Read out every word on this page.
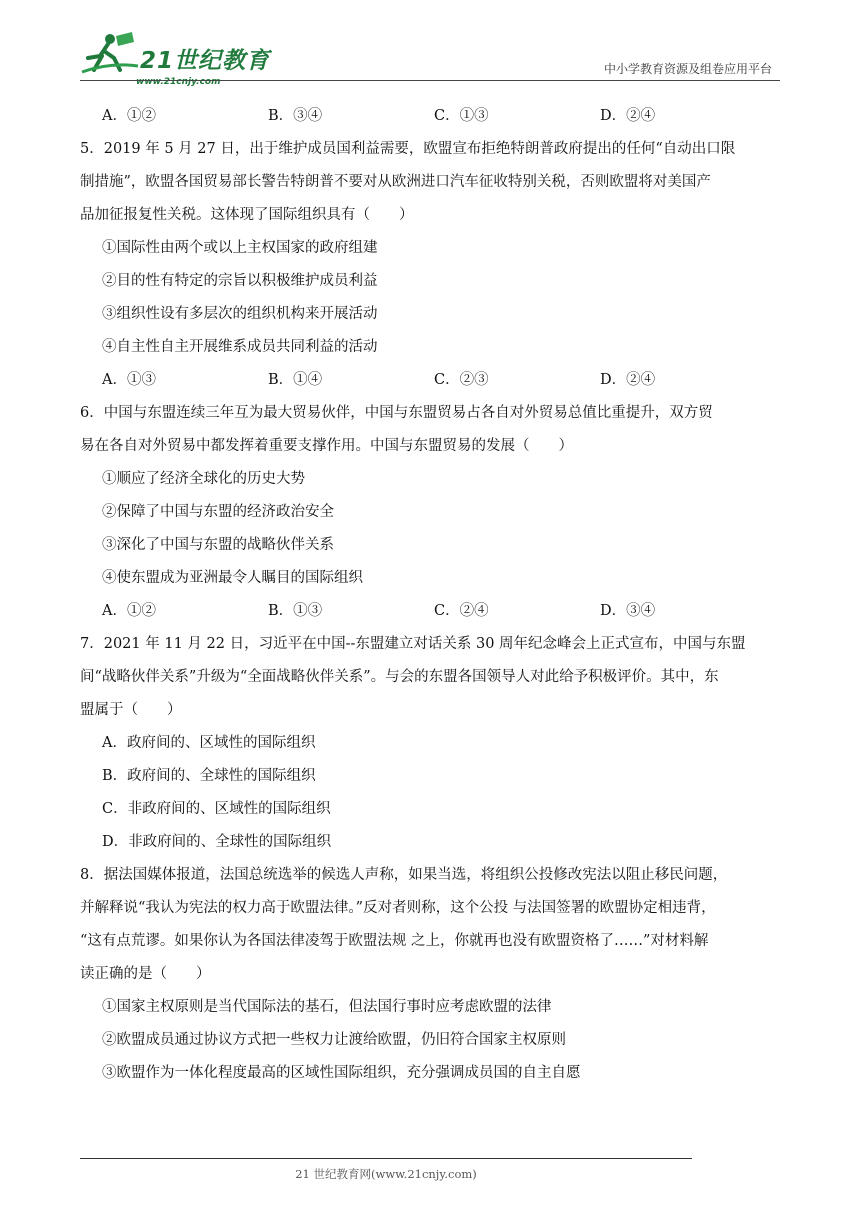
21世纪教育
www.21cnjy.com
中小学教育资源及组卷应用平台
A．①②	B．③④	C．①③	D．②④
5．2019 年 5 月 27 日，出于维护成员国利益需要，欧盟宣布拒绝特朗普政府提出的任何“自动出口限
制措施”，欧盟各国贸易部长警告特朗普不要对从欧洲进口汽车征收特别关税，否则欧盟将对美国产
品加征报复性关税。这体现了国际组织具有（　　）
①国际性由两个或以上主权国家的政府组建
②目的性有特定的宗旨以积极维护成员利益
③组织性设有多层次的组织机构来开展活动
④自主性自主开展维系成员共同利益的活动
A．①③	B．①④	C．②③	D．②④
6．中国与东盟连续三年互为最大贸易伙伴，中国与东盟贸易占各自对外贸易总值比重提升，双方贸
易在各自对外贸易中都发挥着重要支撑作用。中国与东盟贸易的发展（　　）
①顺应了经济全球化的历史大势
②保障了中国与东盟的经济政治安全
③深化了中国与东盟的战略伙伴关系
④使东盟成为亚洲最令人瞩目的国际组织
A．①②	B．①③	C．②④	D．③④
7．2021 年 11 月 22 日，习近平在中国--东盟建立对话关系 30 周年纪念峰会上正式宣布，中国与东盟
间“战略伙伴关系”升级为“全面战略伙伴关系”。与会的东盟各国领导人对此给予积极评价。其中，东
盟属于（　　）
A．政府间的、区域性的国际组织
B．政府间的、全球性的国际组织
C．非政府间的、区域性的国际组织
D．非政府间的、全球性的国际组织
8．据法国媒体报道，法国总统选举的候选人声称，如果当选，将组织公投修改宪法以阻止移民问题，
并解释说“我认为宪法的权力高于欧盟法律。”反对者则称，这个公投 与法国签署的欧盟协定相违背，
“这有点荒谬。如果你认为各国法律凌驾于欧盟法规 之上，你就再也没有欧盟资格了……”对材料解
读正确的是（　　）
①国家主权原则是当代国际法的基石，但法国行事时应考虑欧盟的法律
②欧盟成员通过协议方式把一些权力让渡给欧盟，仍旧符合国家主权原则
③欧盟作为一体化程度最高的区域性国际组织，充分强调成员国的自主自愿
21 世纪教育网(www.21cnjy.com)
